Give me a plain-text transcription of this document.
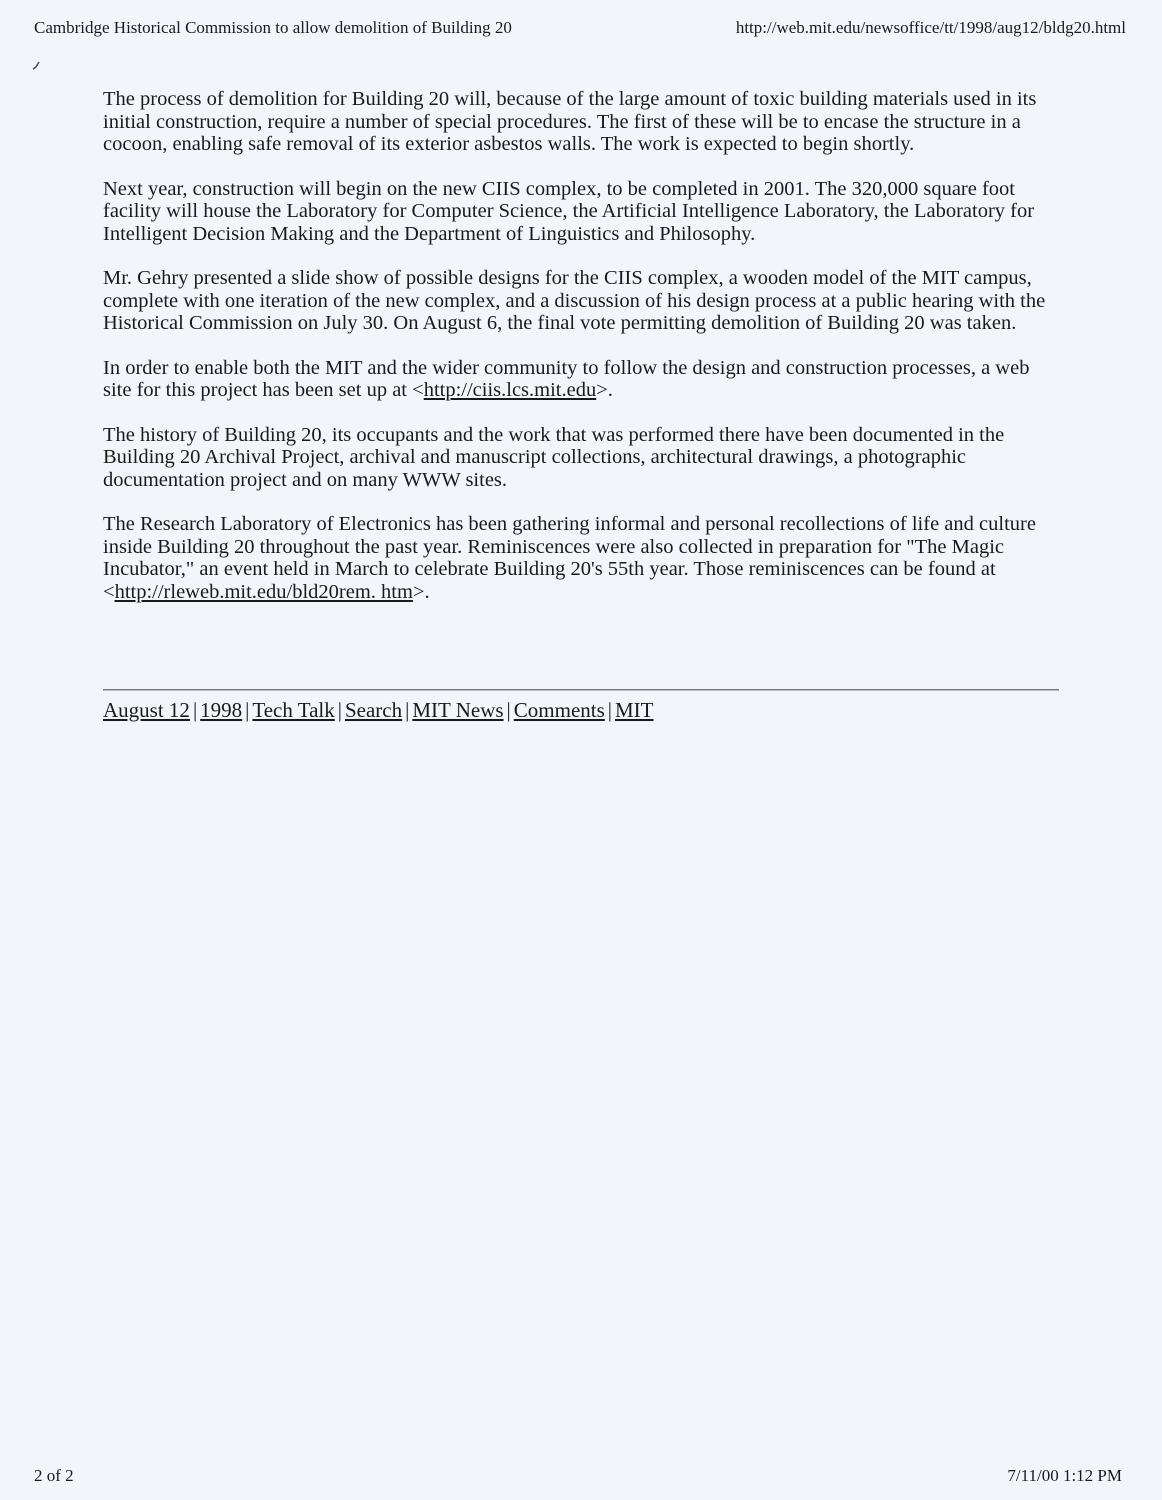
Cambridge Historical Commission to allow demolition of Building 20	http://web.mit.edu/newsoffice/tt/1998/aug12/bldg20.html

The process of demolition for Building 20 will, because of the large amount of toxic building materials used in its initial construction, require a number of special procedures. The first of these will be to encase the structure in a cocoon, enabling safe removal of its exterior asbestos walls. The work is expected to begin shortly.

Next year, construction will begin on the new CIIS complex, to be completed in 2001. The 320,000 square foot facility will house the Laboratory for Computer Science, the Artificial Intelligence Laboratory, the Laboratory for Intelligent Decision Making and the Department of Linguistics and Philosophy.

Mr. Gehry presented a slide show of possible designs for the CIIS complex, a wooden model of the MIT campus, complete with one iteration of the new complex, and a discussion of his design process at a public hearing with the Historical Commission on July 30. On August 6, the final vote permitting demolition of Building 20 was taken.

In order to enable both the MIT and the wider community to follow the design and construction processes, a web site for this project has been set up at <http://ciis.lcs.mit.edu>.

The history of Building 20, its occupants and the work that was performed there have been documented in the Building 20 Archival Project, archival and manuscript collections, architectural drawings, a photographic documentation project and on many WWW sites.

The Research Laboratory of Electronics has been gathering informal and personal recollections of life and culture inside Building 20 throughout the past year. Reminiscences were also collected in preparation for "The Magic Incubator," an event held in March to celebrate Building 20's 55th year. Those reminiscences can be found at <http://rleweb.mit.edu/bld20rem. htm>.

August 12 | 1998 | Tech Talk | Search | MIT News | Comments | MIT
2 of 2	7/11/00 1:12 PM
